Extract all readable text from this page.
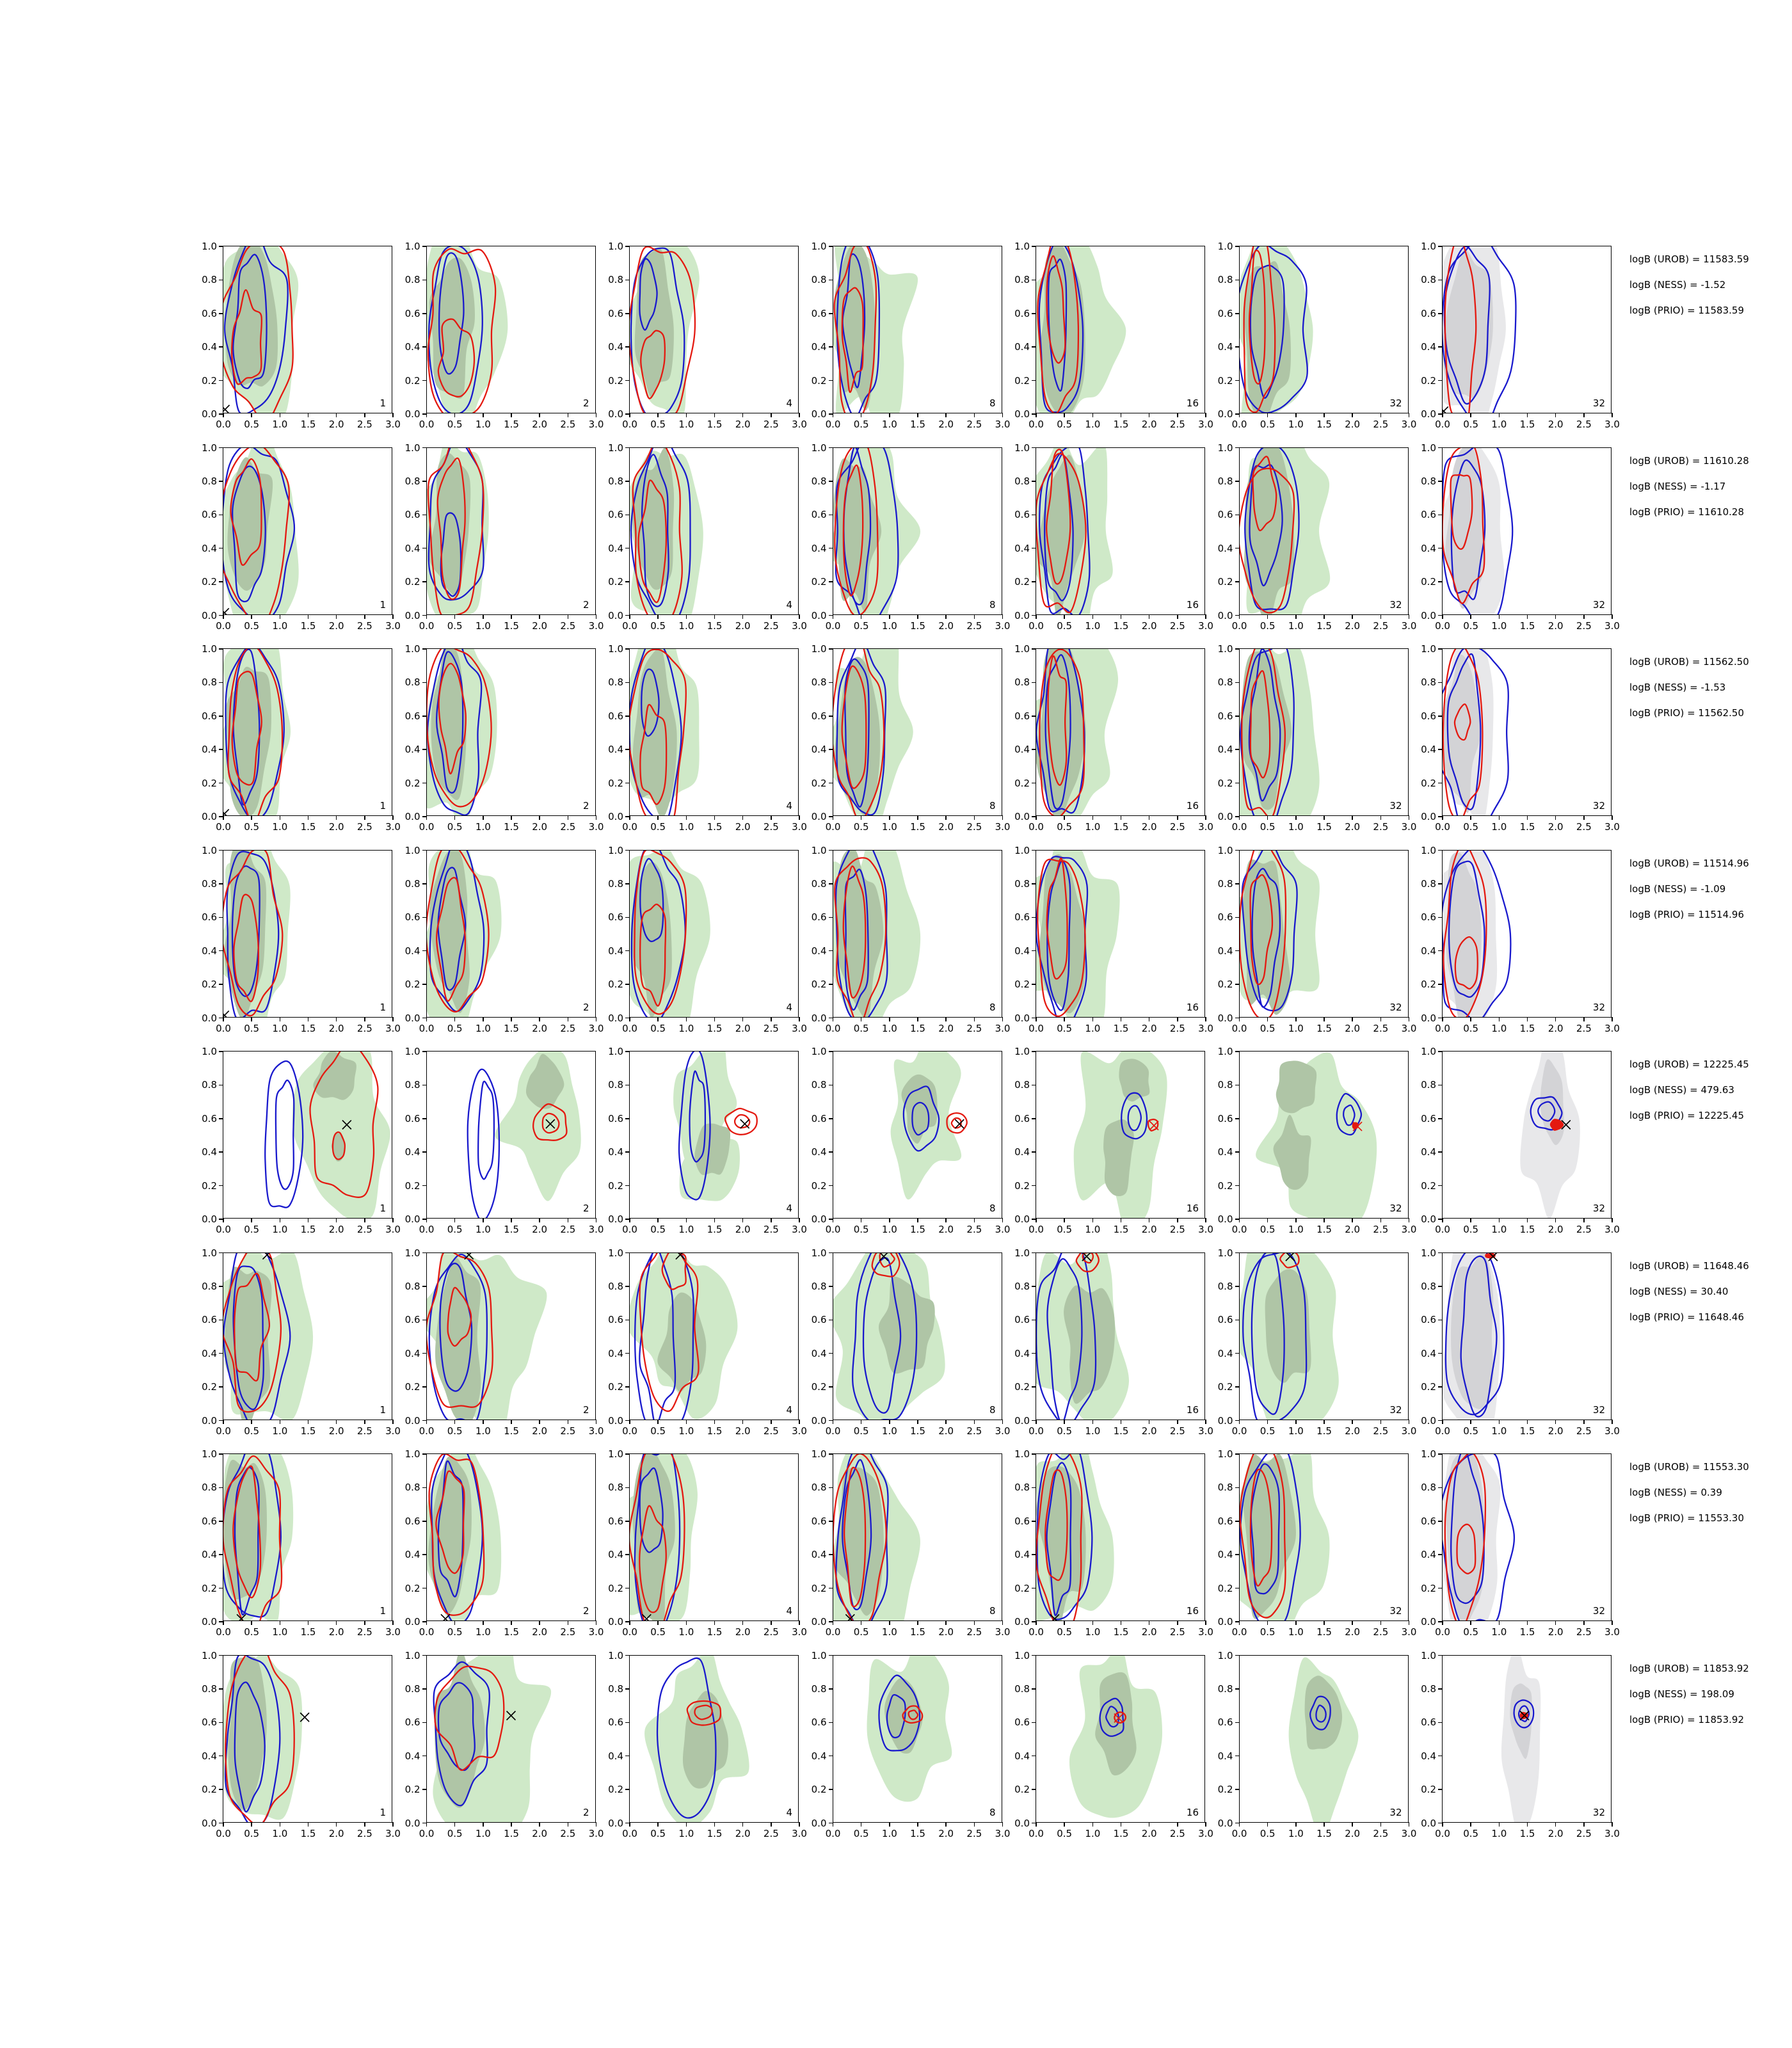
0.0 0.5 1.0 1.5 2.0 2.5 3.0
0.0
0.2
0.4
0.6
0.8
1.0
1
0.0 0.5 1.0 1.5 2.0 2.5 3.0
0.0
0.2
0.4
0.6
0.8
1.0
2
0.0 0.5 1.0 1.5 2.0 2.5 3.0
0.0
0.2
0.4
0.6
0.8
1.0
4
0.0 0.5 1.0 1.5 2.0 2.5 3.0
0.0
0.2
0.4
0.6
0.8
1.0
8
0.0 0.5 1.0 1.5 2.0 2.5 3.0
0.0
0.2
0.4
0.6
0.8
1.0
16
0.0 0.5 1.0 1.5 2.0 2.5 3.0
0.0
0.2
0.4
0.6
0.8
1.0
32
0.0 0.5 1.0 1.5 2.0 2.5 3.0
0.0
0.2
0.4
0.6
0.8
1.0
32
logB (UROB) = 11583.59
logB (NESS) = -1.52
logB (PRIO) = 11583.59
0.0 0.5 1.0 1.5 2.0 2.5 3.0
0.0
0.2
0.4
0.6
0.8
1.0
1
0.0 0.5 1.0 1.5 2.0 2.5 3.0
0.0
0.2
0.4
0.6
0.8
1.0
2
0.0 0.5 1.0 1.5 2.0 2.5 3.0
0.0
0.2
0.4
0.6
0.8
1.0
4
0.0 0.5 1.0 1.5 2.0 2.5 3.0
0.0
0.2
0.4
0.6
0.8
1.0
8
0.0 0.5 1.0 1.5 2.0 2.5 3.0
0.0
0.2
0.4
0.6
0.8
1.0
16
0.0 0.5 1.0 1.5 2.0 2.5 3.0
0.0
0.2
0.4
0.6
0.8
1.0
32
0.0 0.5 1.0 1.5 2.0 2.5 3.0
0.0
0.2
0.4
0.6
0.8
1.0
32
logB (UROB) = 11610.28
logB (NESS) = -1.17
logB (PRIO) = 11610.28
0.0 0.5 1.0 1.5 2.0 2.5 3.0
0.0
0.2
0.4
0.6
0.8
1.0
1
0.0 0.5 1.0 1.5 2.0 2.5 3.0
0.0
0.2
0.4
0.6
0.8
1.0
2
0.0 0.5 1.0 1.5 2.0 2.5 3.0
0.0
0.2
0.4
0.6
0.8
1.0
4
0.0 0.5 1.0 1.5 2.0 2.5 3.0
0.0
0.2
0.4
0.6
0.8
1.0
8
0.0 0.5 1.0 1.5 2.0 2.5 3.0
0.0
0.2
0.4
0.6
0.8
1.0
16
0.0 0.5 1.0 1.5 2.0 2.5 3.0
0.0
0.2
0.4
0.6
0.8
1.0
32
0.0 0.5 1.0 1.5 2.0 2.5 3.0
0.0
0.2
0.4
0.6
0.8
1.0
32
logB (UROB) = 11562.50
logB (NESS) = -1.53
logB (PRIO) = 11562.50
0.0 0.5 1.0 1.5 2.0 2.5 3.0
0.0
0.2
0.4
0.6
0.8
1.0
1
0.0 0.5 1.0 1.5 2.0 2.5 3.0
0.0
0.2
0.4
0.6
0.8
1.0
2
0.0 0.5 1.0 1.5 2.0 2.5 3.0
0.0
0.2
0.4
0.6
0.8
1.0
4
0.0 0.5 1.0 1.5 2.0 2.5 3.0
0.0
0.2
0.4
0.6
0.8
1.0
8
0.0 0.5 1.0 1.5 2.0 2.5 3.0
0.0
0.2
0.4
0.6
0.8
1.0
16
0.0 0.5 1.0 1.5 2.0 2.5 3.0
0.0
0.2
0.4
0.6
0.8
1.0
32
0.0 0.5 1.0 1.5 2.0 2.5 3.0
0.0
0.2
0.4
0.6
0.8
1.0
32
logB (UROB) = 11514.96
logB (NESS) = -1.09
logB (PRIO) = 11514.96
0.0 0.5 1.0 1.5 2.0 2.5 3.0
0.0
0.2
0.4
0.6
0.8
1.0
1
0.0 0.5 1.0 1.5 2.0 2.5 3.0
0.0
0.2
0.4
0.6
0.8
1.0
2
0.0 0.5 1.0 1.5 2.0 2.5 3.0
0.0
0.2
0.4
0.6
0.8
1.0
4
0.0 0.5 1.0 1.5 2.0 2.5 3.0
0.0
0.2
0.4
0.6
0.8
1.0
8
0.0 0.5 1.0 1.5 2.0 2.5 3.0
0.0
0.2
0.4
0.6
0.8
1.0
16
0.0 0.5 1.0 1.5 2.0 2.5 3.0
0.0
0.2
0.4
0.6
0.8
1.0
32
0.0 0.5 1.0 1.5 2.0 2.5 3.0
0.0
0.2
0.4
0.6
0.8
1.0
32
logB (UROB) = 12225.45
logB (NESS) = 479.63
logB (PRIO) = 12225.45
0.0 0.5 1.0 1.5 2.0 2.5 3.0
0.0
0.2
0.4
0.6
0.8
1.0
1
0.0 0.5 1.0 1.5 2.0 2.5 3.0
0.0
0.2
0.4
0.6
0.8
1.0
2
0.0 0.5 1.0 1.5 2.0 2.5 3.0
0.0
0.2
0.4
0.6
0.8
1.0
4
0.0 0.5 1.0 1.5 2.0 2.5 3.0
0.0
0.2
0.4
0.6
0.8
1.0
8
0.0 0.5 1.0 1.5 2.0 2.5 3.0
0.0
0.2
0.4
0.6
0.8
1.0
16
0.0 0.5 1.0 1.5 2.0 2.5 3.0
0.0
0.2
0.4
0.6
0.8
1.0
32
0.0 0.5 1.0 1.5 2.0 2.5 3.0
0.0
0.2
0.4
0.6
0.8
1.0
32
logB (UROB) = 11648.46
logB (NESS) = 30.40
logB (PRIO) = 11648.46
0.0 0.5 1.0 1.5 2.0 2.5 3.0
0.0
0.2
0.4
0.6
0.8
1.0
1
0.0 0.5 1.0 1.5 2.0 2.5 3.0
0.0
0.2
0.4
0.6
0.8
1.0
2
0.0 0.5 1.0 1.5 2.0 2.5 3.0
0.0
0.2
0.4
0.6
0.8
1.0
4
0.0 0.5 1.0 1.5 2.0 2.5 3.0
0.0
0.2
0.4
0.6
0.8
1.0
8
0.0 0.5 1.0 1.5 2.0 2.5 3.0
0.0
0.2
0.4
0.6
0.8
1.0
16
0.0 0.5 1.0 1.5 2.0 2.5 3.0
0.0
0.2
0.4
0.6
0.8
1.0
32
0.0 0.5 1.0 1.5 2.0 2.5 3.0
0.0
0.2
0.4
0.6
0.8
1.0
32
logB (UROB) = 11553.30
logB (NESS) = 0.39
logB (PRIO) = 11553.30
0.0 0.5 1.0 1.5 2.0 2.5 3.0
0.0
0.2
0.4
0.6
0.8
1.0
1
0.0 0.5 1.0 1.5 2.0 2.5 3.0
0.0
0.2
0.4
0.6
0.8
1.0
2
0.0 0.5 1.0 1.5 2.0 2.5 3.0
0.0
0.2
0.4
0.6
0.8
1.0
4
0.0 0.5 1.0 1.5 2.0 2.5 3.0
0.0
0.2
0.4
0.6
0.8
1.0
8
0.0 0.5 1.0 1.5 2.0 2.5 3.0
0.0
0.2
0.4
0.6
0.8
1.0
16
0.0 0.5 1.0 1.5 2.0 2.5 3.0
0.0
0.2
0.4
0.6
0.8
1.0
32
0.0 0.5 1.0 1.5 2.0 2.5 3.0
0.0
0.2
0.4
0.6
0.8
1.0
32
logB (UROB) = 11853.92
logB (NESS) = 198.09
logB (PRIO) = 11853.92
